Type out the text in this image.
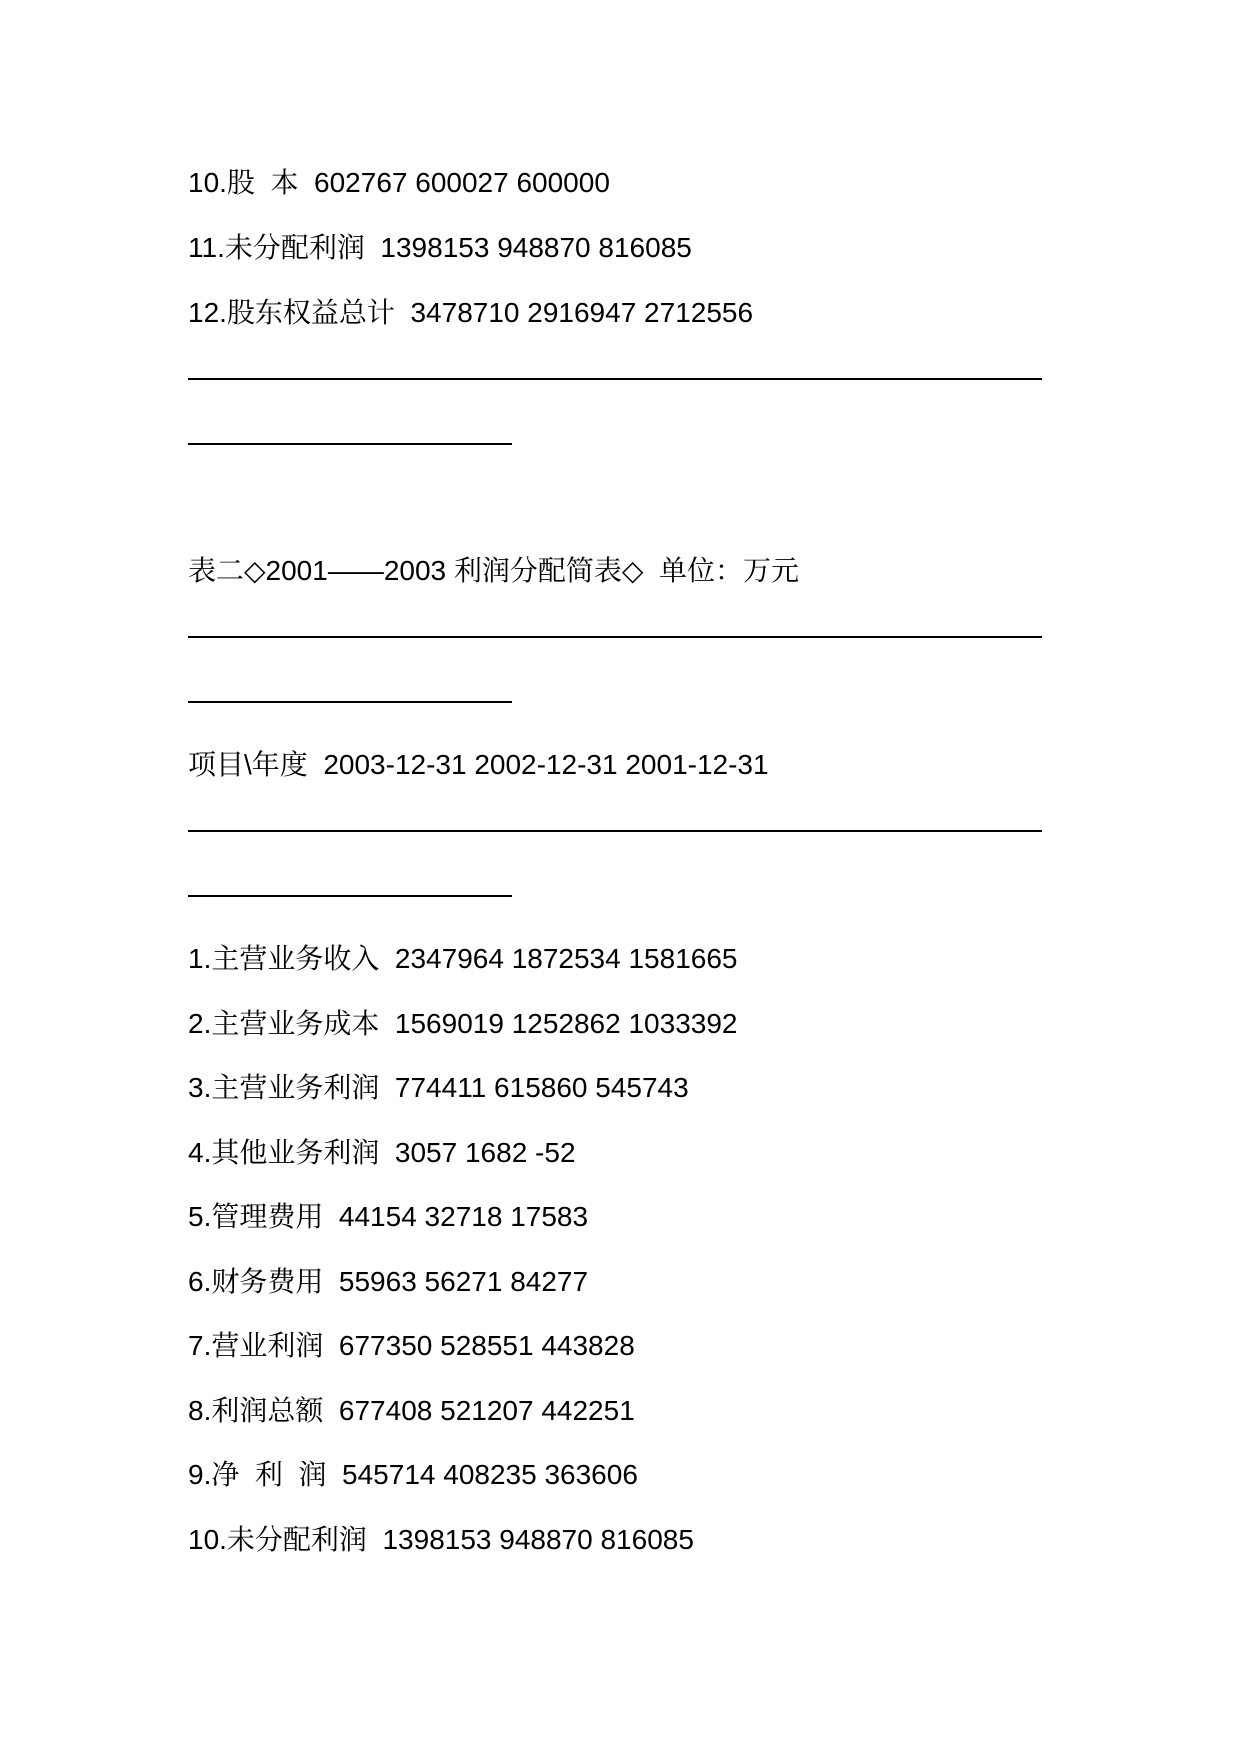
10.股  本  602767 600027 600000
11.未分配利润  1398153 948870 816085
12.股东权益总计  3478710 2916947 2712556
表二◇2001——2003 利润分配简表◇  单位：万元
项目\年度  2003-12-31 2002-12-31 2001-12-31
1.主营业务收入  2347964 1872534 1581665
2.主营业务成本  1569019 1252862 1033392
3.主营业务利润  774411 615860 545743
4.其他业务利润  3057 1682 -52
5.管理费用  44154 32718 17583
6.财务费用  55963 56271 84277
7.营业利润  677350 528551 443828
8.利润总额  677408 521207 442251
9.净  利  润  545714 408235 363606
10.未分配利润  1398153 948870 816085
